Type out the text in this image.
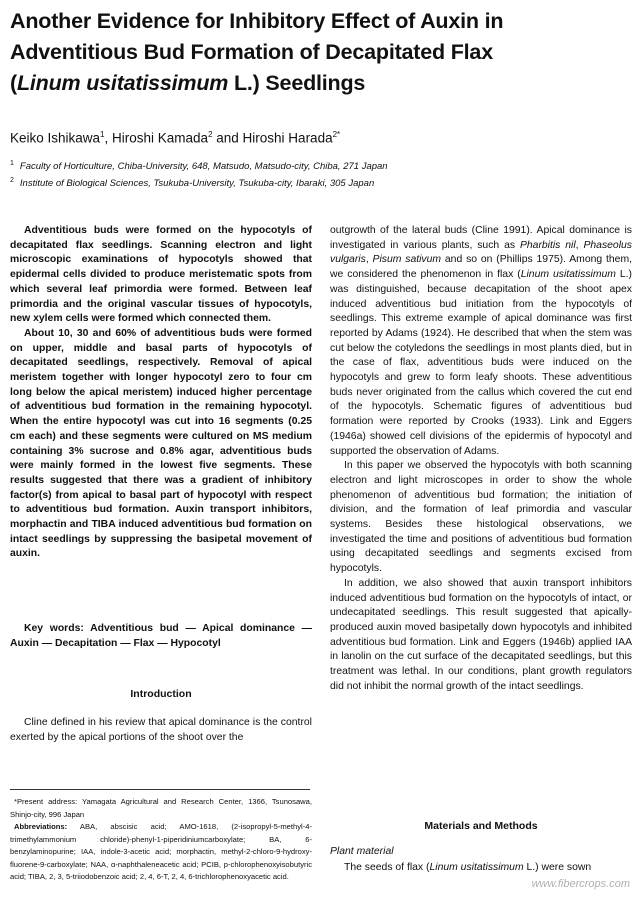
Another Evidence for Inhibitory Effect of Auxin in
Adventitious Bud Formation of Decapitated Flax
(Linum usitatissimum L.) Seedlings

Keiko Ishikawa$^1$, Hiroshi Kamada$^2$ and Hiroshi Harada$^{2*}$

$^1$ Faculty of Horticulture, Chiba-University, 648, Matsudo, Matsudo-city, Chiba, 271 Japan

$^2$ Institute of Biological Sciences, Tsukuba-University, Tsukuba-city, Ibaraki, 305 Japan

Adventitious buds were formed on the hypocotyls of decapitated flax seedlings. Scanning electron and light microscopic examinations of hypocotyls showed that epidermal cells divided to produce meristematic spots from which several leaf primordia were formed. Between leaf primordia and the original vascular tissues of hypocotyls, new xylem cells were formed which connected them.

About 10, 30 and 60% of adventitious buds were formed on upper, middle and basal parts of hypocotyls of decapitated seedlings, respectively. Removal of apical meristem together with longer hypocotyl zero to four cm long below the apical meristem) induced higher percentage of adventitious bud formation in the remaining hypocotyl. When the entire hypocotyl was cut into 16 segments (0.25 cm each) and these segments were cultured on MS medium containing 3% sucrose and 0.8% agar, adventitious buds were mainly formed in the lowest five segments. These results suggested that there was a gradient of inhibitory factor(s) from apical to basal part of hypocotyl with respect to adventitious bud formation. Auxin transport inhibitors, morphactin and TIBA induced adventitious bud formation on intact seedlings by suppressing the basipetal movement of auxin.

Key words: Adventitious bud — Apical dominance — Auxin — Decapitation — Flax — Hypocotyl

Introduction

Cline defined in his review that apical dominance is the control exerted by the apical portions of the shoot over the

*Present address: Yamagata Agricultural and Research Center, 1366, Tsunosawa, Shinjo-city, 996 Japan
Abbreviations: ABA, abscisic acid; AMO-1618, (2-isopropyl-5-methyl-4-trimethylammonium chloride)-phenyl-1-piperidiniumcarboxylate; BA, 6-benzylaminopurine; IAA, indole-3-acetic acid; morphactin, methyl-2-chloro-9-hydroxy-fluorene-9-carboxylate; NAA, α-naphthaleneacetic acid; PCIB, p-chlorophenoxyisobutyric acid; TIBA, 2, 3, 5-triiodobenzoic acid; 2, 4, 6-T, 2, 4, 6-trichlorophenoxyacetic acid.

outgrowth of the lateral buds (Cline 1991). Apical dominance is investigated in various plants, such as Pharbitis nil, Phaseolus vulgaris, Pisum sativum and so on (Phillips 1975). Among them, we considered the phenomenon in flax (Linum usitatissimum L.) was distinguished, because decapitation of the shoot apex induced adventitious bud initiation from the hypocotyls of seedlings. This extreme example of apical dominance was first reported by Adams (1924). He described that when the stem was cut below the cotyledons the seedlings in most plants died, but in the case of flax, adventitious buds were induced on the hypocotyls and grew to form leafy shoots. These adventitious buds never originated from the callus which covered the cut end of the hypocotyls. Schematic figures of adventitious bud formation were reported by Crooks (1933). Link and Eggers (1946a) showed cell divisions of the epidermis of hypocotyl and supported the observation of Adams.

In this paper we observed the hypocotyls with both scanning electron and light microscopes in order to show the whole phenomenon of adventitious bud formation; the initiation of division, and the formation of leaf primordia and vascular systems. Besides these histological observations, we investigated the time and positions of adventitious bud formation using decapitated seedlings and segments excised from hypocotyls.

In addition, we also showed that auxin transport inhibitors induced adventitious bud formation on the hypocotyls of intact, or undecapitated seedlings. This result suggested that apically-produced auxin moved basipetally down hypocotyls and inhibited adventitious bud formation. Link and Eggers (1946b) applied IAA in lanolin on the cut surface of the decapitated seedlings, but this treatment was lethal. In our conditions, plant growth regulators did not inhibit the normal growth of the intact seedlings.

Materials and Methods

Plant material

The seeds of flax (Linum usitatissimum L.) were sown

www.fibercrops.com
